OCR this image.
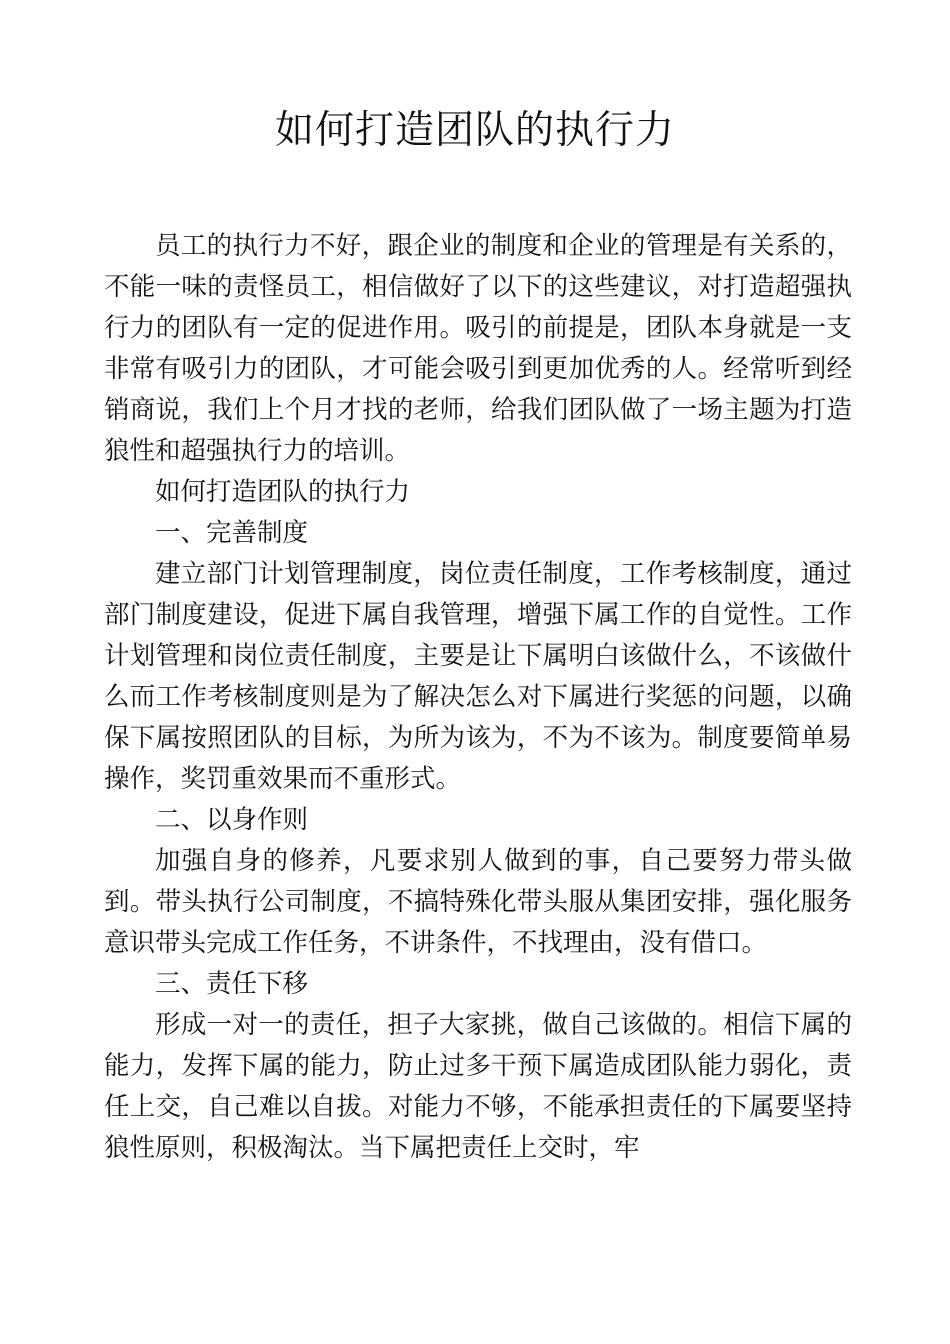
如何打造团队的执行力

员工的执行力不好，跟企业的制度和企业的管理是有关系的，不能一味的责怪员工，相信做好了以下的这些建议，对打造超强执行力的团队有一定的促进作用。吸引的前提是，团队本身就是一支非常有吸引力的团队，才可能会吸引到更加优秀的人。经常听到经销商说，我们上个月才找的老师，给我们团队做了一场主题为打造狼性和超强执行力的培训。

如何打造团队的执行力

一、完善制度

建立部门计划管理制度，岗位责任制度，工作考核制度，通过部门制度建设，促进下属自我管理，增强下属工作的自觉性。工作计划管理和岗位责任制度，主要是让下属明白该做什么，不该做什么而工作考核制度则是为了解决怎么对下属进行奖惩的问题，以确保下属按照团队的目标，为所为该为，不为不该为。制度要简单易操作，奖罚重效果而不重形式。

二、以身作则

加强自身的修养，凡要求别人做到的事，自己要努力带头做到。带头执行公司制度，不搞特殊化带头服从集团安排，强化服务意识带头完成工作任务，不讲条件，不找理由，没有借口。

三、责任下移

形成一对一的责任，担子大家挑，做自己该做的。相信下属的能力，发挥下属的能力，防止过多干预下属造成团队能力弱化，责任上交，自己难以自拔。对能力不够，不能承担责任的下属要坚持狼性原则，积极淘汰。当下属把责任上交时，牢
